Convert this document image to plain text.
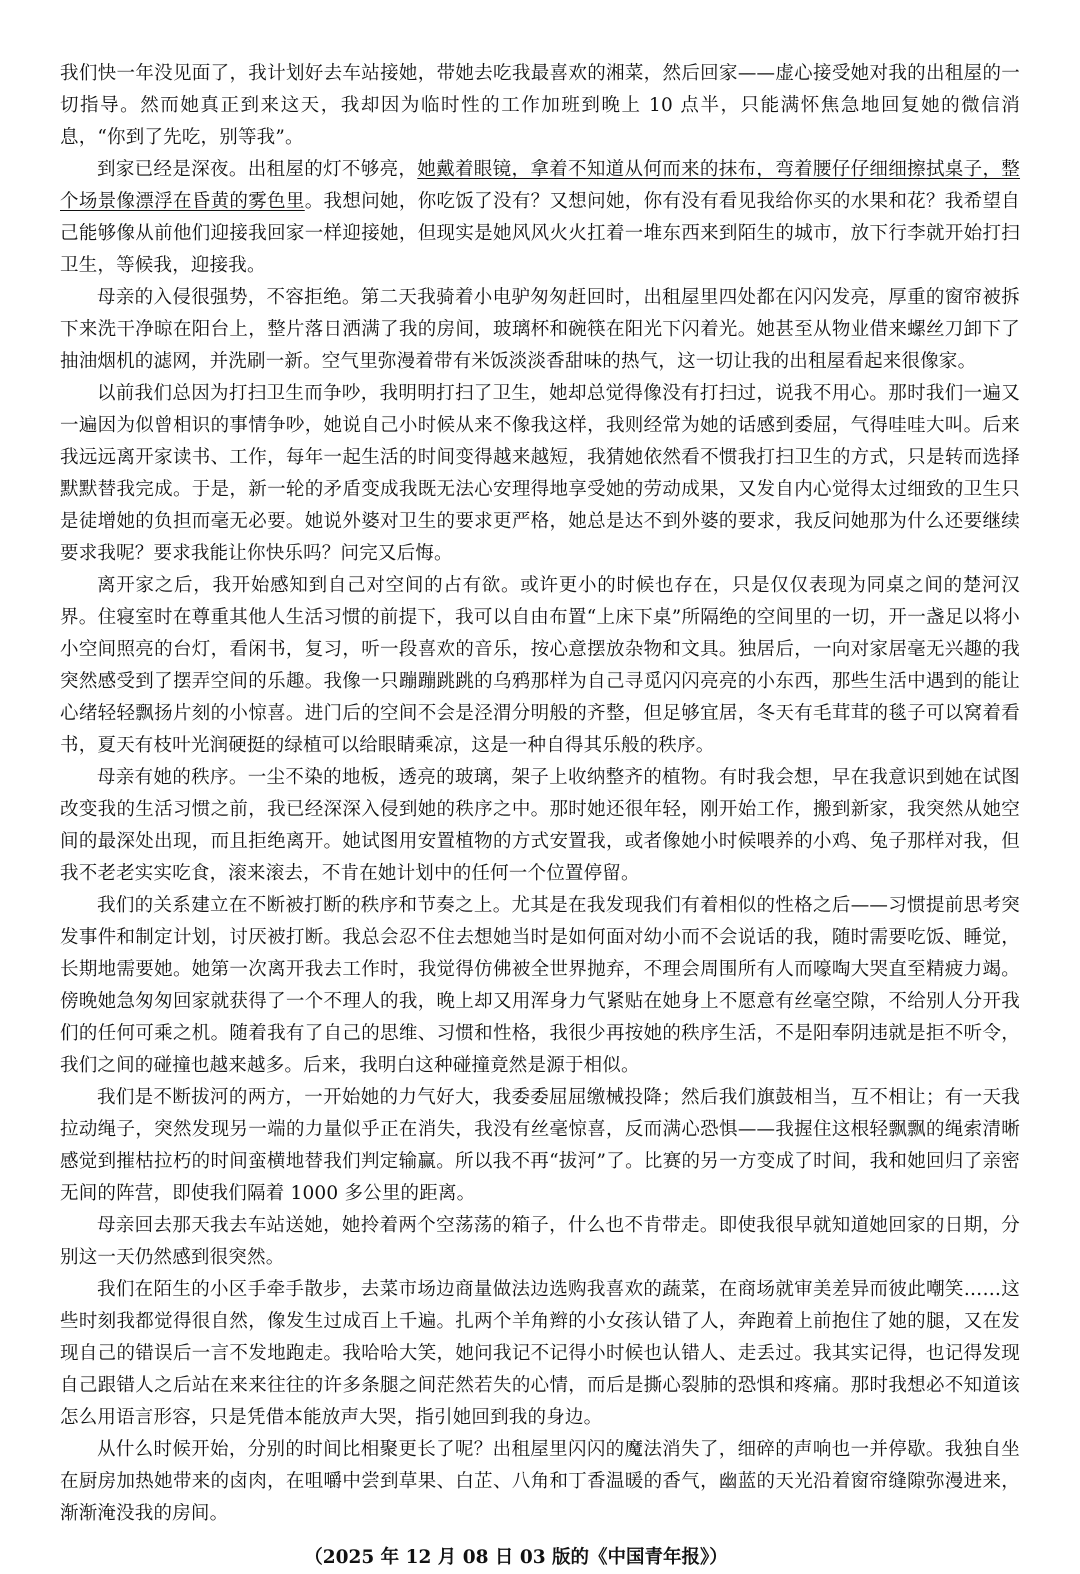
我们快一年没见面了，我计划好去车站接她，带她去吃我最喜欢的湘菜，然后回家——虚心接受她对我的出租屋的一切指导。然而她真正到来这天，我却因为临时性的工作加班到晚上 10 点半，只能满怀焦急地回复她的微信消息，“你到了先吃，别等我”。

到家已经是深夜。出租屋的灯不够亮，她戴着眼镜，拿着不知道从何而来的抹布，弯着腰仔仔细细擦拭桌子，整个场景像漂浮在昏黄的雾色里。我想问她，你吃饭了没有？又想问她，你有没有看见我给你买的水果和花？我希望自己能够像从前他们迎接我回家一样迎接她，但现实是她风风火火扛着一堆东西来到陌生的城市，放下行李就开始打扫卫生，等候我，迎接我。

母亲的入侵很强势，不容拒绝。第二天我骑着小电驴匆匆赶回时，出租屋里四处都在闪闪发亮，厚重的窗帘被拆下来洗干净晾在阳台上，整片落日洒满了我的房间，玻璃杯和碗筷在阳光下闪着光。她甚至从物业借来螺丝刀卸下了抽油烟机的滤网，并洗刷一新。空气里弥漫着带有米饭淡淡香甜味的热气，这一切让我的出租屋看起来很像家。

以前我们总因为打扫卫生而争吵，我明明打扫了卫生，她却总觉得像没有打扫过，说我不用心。那时我们一遍又一遍因为似曾相识的事情争吵，她说自己小时候从来不像我这样，我则经常为她的话感到委屈，气得哇哇大叫。后来我远远离开家读书、工作，每年一起生活的时间变得越来越短，我猜她依然看不惯我打扫卫生的方式，只是转而选择默默替我完成。于是，新一轮的矛盾变成我既无法心安理得地享受她的劳动成果，又发自内心觉得太过细致的卫生只是徒增她的负担而毫无必要。她说外婆对卫生的要求更严格，她总是达不到外婆的要求，我反问她那为什么还要继续要求我呢？要求我能让你快乐吗？问完又后悔。

离开家之后，我开始感知到自己对空间的占有欲。或许更小的时候也存在，只是仅仅表现为同桌之间的楚河汉界。住寝室时在尊重其他人生活习惯的前提下，我可以自由布置“上床下桌”所隔绝的空间里的一切，开一盏足以将小小空间照亮的台灯，看闲书，复习，听一段喜欢的音乐，按心意摆放杂物和文具。独居后，一向对家居毫无兴趣的我突然感受到了摆弄空间的乐趣。我像一只蹦蹦跳跳的乌鸦那样为自己寻觅闪闪亮亮的小东西，那些生活中遇到的能让心绪轻轻飘扬片刻的小惊喜。进门后的空间不会是泾渭分明般的齐整，但足够宜居，冬天有毛茸茸的毯子可以窝着看书，夏天有枝叶光润硬挺的绿植可以给眼睛乘凉，这是一种自得其乐般的秩序。

母亲有她的秩序。一尘不染的地板，透亮的玻璃，架子上收纳整齐的植物。有时我会想，早在我意识到她在试图改变我的生活习惯之前，我已经深深入侵到她的秩序之中。那时她还很年轻，刚开始工作，搬到新家，我突然从她空间的最深处出现，而且拒绝离开。她试图用安置植物的方式安置我，或者像她小时候喂养的小鸡、兔子那样对我，但我不老老实实吃食，滚来滚去，不肯在她计划中的任何一个位置停留。

我们的关系建立在不断被打断的秩序和节奏之上。尤其是在我发现我们有着相似的性格之后——习惯提前思考突发事件和制定计划，讨厌被打断。我总会忍不住去想她当时是如何面对幼小而不会说话的我，随时需要吃饭、睡觉，长期地需要她。她第一次离开我去工作时，我觉得仿佛被全世界抛弃，不理会周围所有人而嚎啕大哭直至精疲力竭。傍晚她急匆匆回家就获得了一个不理人的我，晚上却又用浑身力气紧贴在她身上不愿意有丝毫空隙，不给别人分开我们的任何可乘之机。随着我有了自己的思维、习惯和性格，我很少再按她的秩序生活，不是阳奉阴违就是拒不听令，我们之间的碰撞也越来越多。后来，我明白这种碰撞竟然是源于相似。

我们是不断拔河的两方，一开始她的力气好大，我委委屈屈缴械投降；然后我们旗鼓相当，互不相让；有一天我拉动绳子，突然发现另一端的力量似乎正在消失，我没有丝毫惊喜，反而满心恐惧——我握住这根轻飘飘的绳索清晰感觉到摧枯拉朽的时间蛮横地替我们判定输赢。所以我不再“拔河”了。比赛的另一方变成了时间，我和她回归了亲密无间的阵营，即使我们隔着 1000 多公里的距离。

母亲回去那天我去车站送她，她拎着两个空荡荡的箱子，什么也不肯带走。即使我很早就知道她回家的日期，分别这一天仍然感到很突然。

我们在陌生的小区手牵手散步，去菜市场边商量做法边选购我喜欢的蔬菜，在商场就审美差异而彼此嘲笑……这些时刻我都觉得很自然，像发生过成百上千遍。扎两个羊角辫的小女孩认错了人，奔跑着上前抱住了她的腿，又在发现自己的错误后一言不发地跑走。我哈哈大笑，她问我记不记得小时候也认错人、走丢过。我其实记得，也记得发现自己跟错人之后站在来来往往的许多条腿之间茫然若失的心情，而后是撕心裂肺的恐惧和疼痛。那时我想必不知道该怎么用语言形容，只是凭借本能放声大哭，指引她回到我的身边。

从什么时候开始，分别的时间比相聚更长了呢？出租屋里闪闪的魔法消失了，细碎的声响也一并停歇。我独自坐在厨房加热她带来的卤肉，在咀嚼中尝到草果、白芷、八角和丁香温暖的香气，幽蓝的天光沿着窗帘缝隙弥漫进来，渐渐淹没我的房间。

（2025 年 12 月 08 日 03 版的《中国青年报》）
